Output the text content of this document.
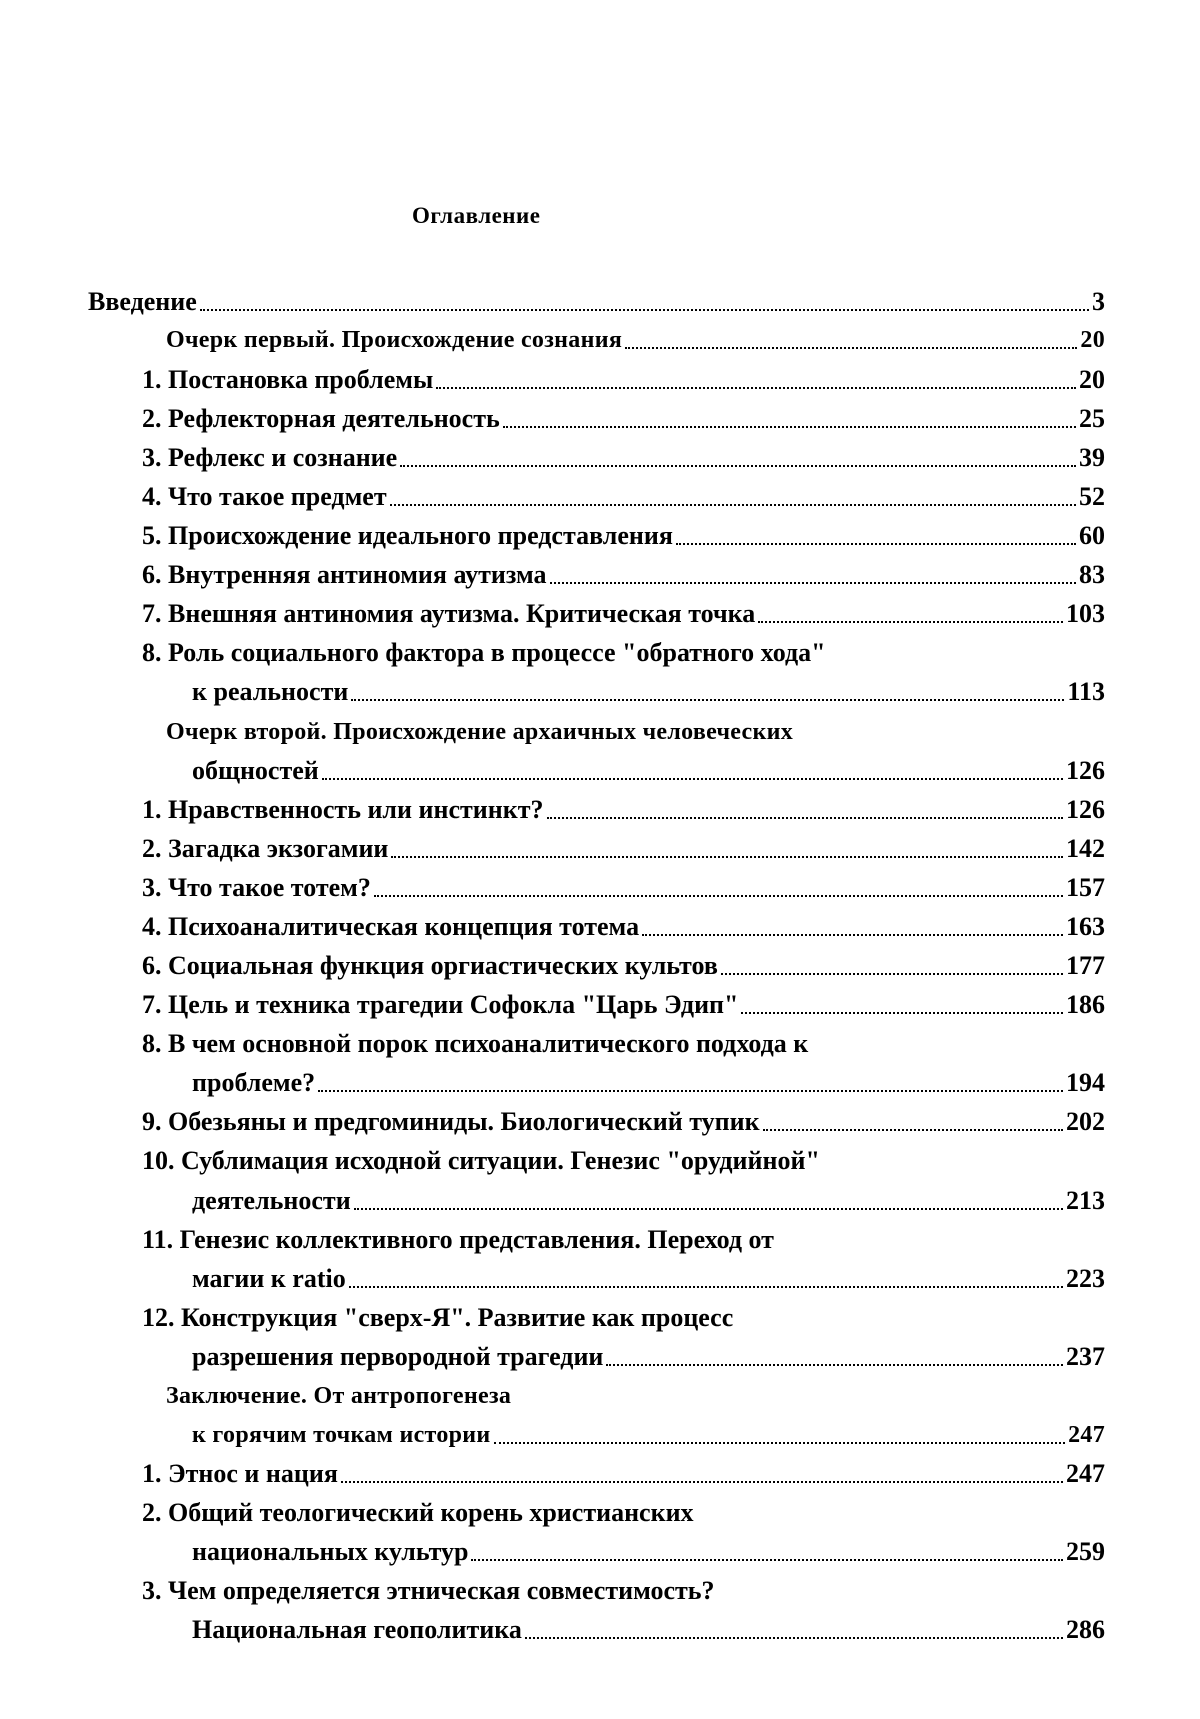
Оглавление
Введение	3
Очерк первый. Происхождение сознания	20
1. Постановка проблемы	20
2. Рефлекторная деятельность	25
3. Рефлекс и сознание	39
4. Что такое предмет	52
5. Происхождение идеального представления	60
6. Внутренняя антиномия аутизма	83
7. Внешняя антиномия аутизма. Критическая точка	103
8. Роль социального фактора в процессе "обратного хода"
к реальности	113
Очерк второй. Происхождение архаичных человеческих
общностей	126
1. Нравственность или инстинкт?	126
2. Загадка экзогамии	142
3. Что такое тотем?	157
4. Психоаналитическая концепция тотема	163
6. Социальная функция оргиастических культов	177
7. Цель и техника трагедии Софокла "Царь Эдип"	186
8. В чем основной порок психоаналитического подхода к
проблеме?	194
9. Обезьяны и предгоминиды. Биологический тупик	202
10. Сублимация исходной ситуации. Генезис "орудийной"
деятельности	213
11. Генезис коллективного представления. Переход от
магии к ratio	223
12. Конструкция "сверх-Я". Развитие как процесс
разрешения первородной трагедии	237
Заключение. От антропогенеза
к горячим точкам истории	247
1. Этнос и нация	247
2. Общий теологический корень христианских
национальных культур	259
3. Чем определяется этническая совместимость?
Национальная геополитика	286
